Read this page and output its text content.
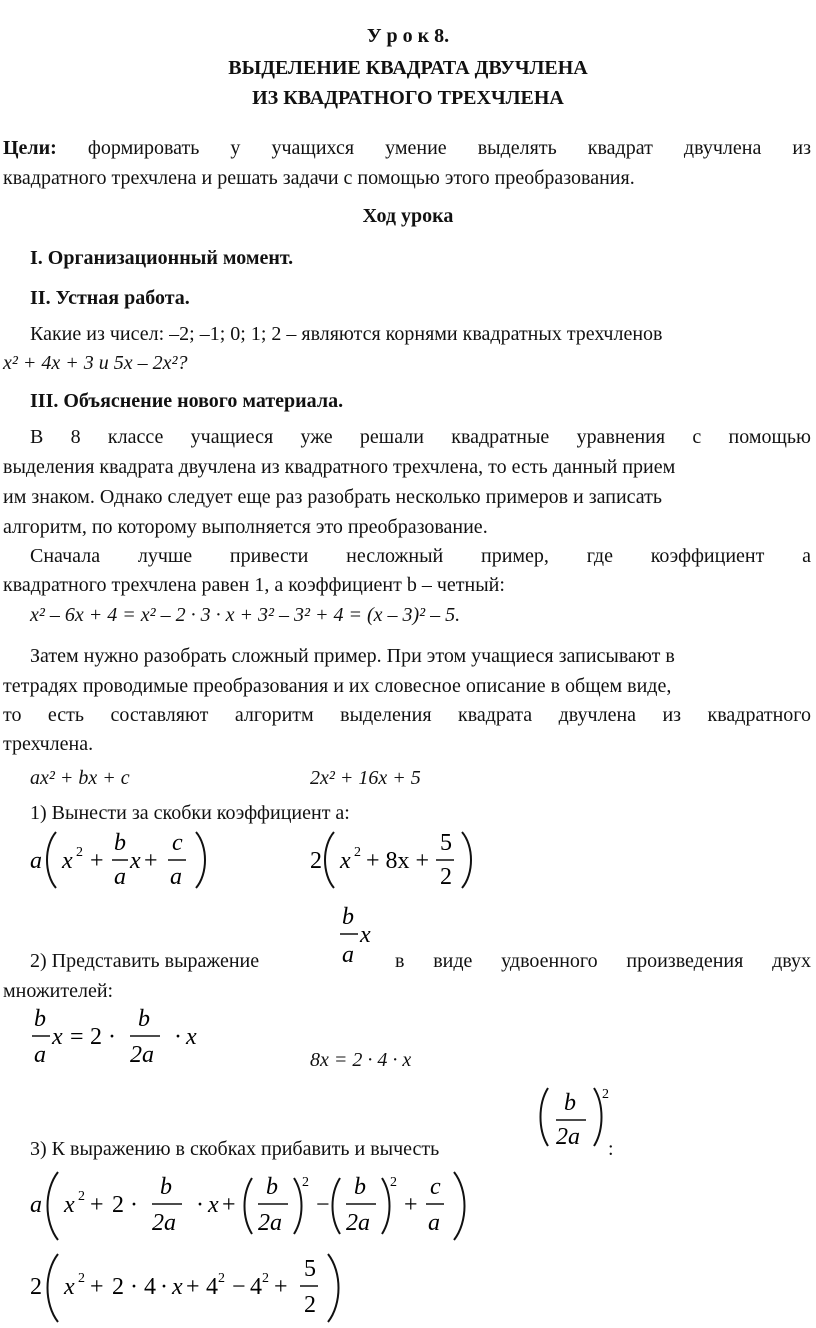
У р о к 8.
ВЫДЕЛЕНИЕ КВАДРАТА ДВУЧЛЕНА
ИЗ КВАДРАТНОГО ТРЕХЧЛЕНА
Цели: формировать у учащихся умение выделять квадрат двучлена из
квадратного трехчлена и решать задачи с помощью этого преобразования.
Ход урока
I. Организационный момент.
II. Устная работа.
Какие из чисел: –2; –1; 0; 1; 2 – являются корнями квадратных трехчленов
x² + 4x + 3 и 5x – 2x²?
III. Объяснение нового материала.
В 8 классе учащиеся уже решали квадратные уравнения с помощью
выделения квадрата двучлена из квадратного трехчлена, то есть данный прием
им знаком. Однако следует еще раз разобрать несколько примеров и записать
алгоритм, по которому выполняется это преобразование.
Сначала лучше привести несложный пример, где коэффициент a
квадратного трехчлена равен 1, а коэффициент b – четный:
x² – 6x + 4 = x² – 2 · 3 · x + 3² – 3² + 4 = (x – 3)² – 5.
Затем нужно разобрать сложный пример. При этом учащиеся записывают в
тетрадях проводимые преобразования и их словесное описание в общем виде,
то есть составляют алгоритм выделения квадрата двучлена из квадратного
трехчлена.
ax² + bx + c	2x² + 16x + 5
1) Вынести за скобки коэффициент a:
a x 2 +
b
a
x +
c
a
2 x 2 + 8x +
5
2
b
a
x
2) Представить выражение	в виде удвоенного произведения двух
множителей:
b
a
x = 2 ·
b
2a
· x
8x = 2 · 4 · x
b
2a
2
3) К выражению в скобках прибавить и вычесть	:
a x 2 + 2 ·
b
2a
· x +
b
2a
2
−
b
2a
2
+
c
a
2 x 2 + 2 · 4 · x + 4 2 − 4 2 +
5
2
